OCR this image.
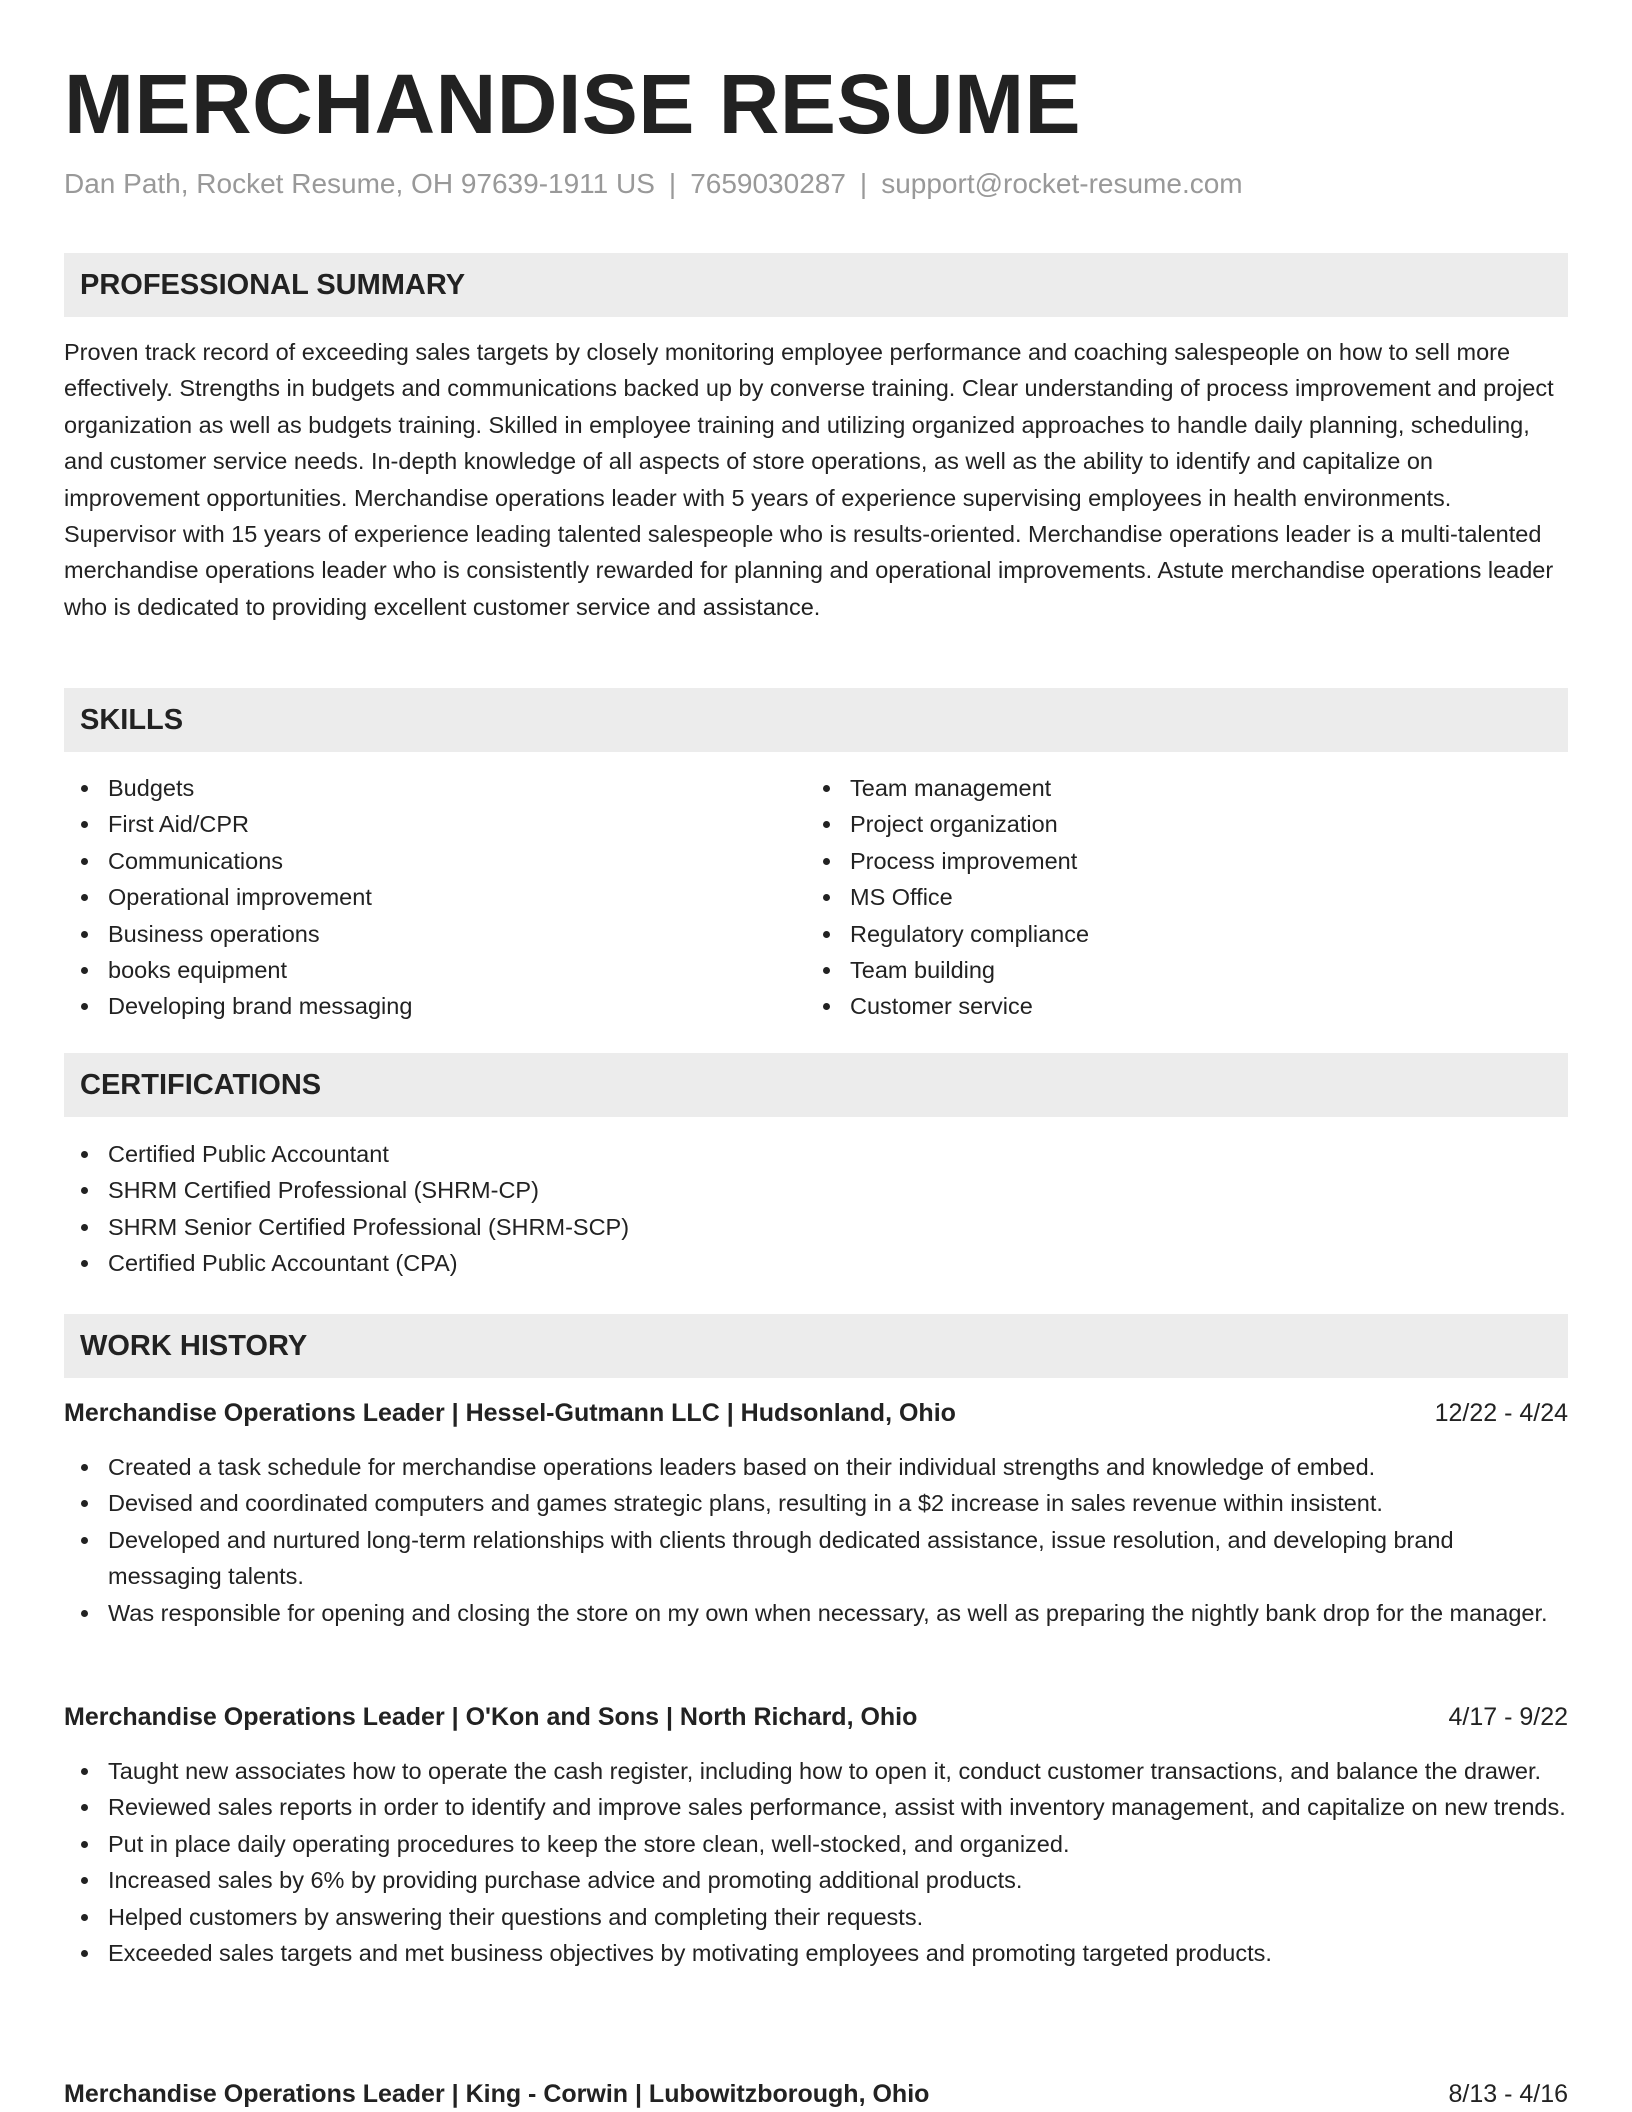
MERCHANDISE RESUME
Dan Path, Rocket Resume, OH 97639-1911 US | 7659030287 | support@rocket-resume.com
PROFESSIONAL SUMMARY

Proven track record of exceeding sales targets by closely monitoring employee performance and coaching salespeople on how to sell more effectively. Strengths in budgets and communications backed up by converse training. Clear understanding of process improvement and project organization as well as budgets training. Skilled in employee training and utilizing organized approaches to handle daily planning, scheduling, and customer service needs. In-depth knowledge of all aspects of store operations, as well as the ability to identify and capitalize on improvement opportunities. Merchandise operations leader with 5 years of experience supervising employees in health environments. Supervisor with 15 years of experience leading talented salespeople who is results-oriented. Merchandise operations leader is a multi-talented merchandise operations leader who is consistently rewarded for planning and operational improvements. Astute merchandise operations leader who is dedicated to providing excellent customer service and assistance.

SKILLS
Budgets
First Aid/CPR
Communications
Operational improvement
Business operations
books equipment
Developing brand messaging
Team management
Project organization
Process improvement
MS Office
Regulatory compliance
Team building
Customer service
CERTIFICATIONS
Certified Public Accountant
SHRM Certified Professional (SHRM-CP)
SHRM Senior Certified Professional (SHRM-SCP)
Certified Public Accountant (CPA)
WORK HISTORY
Merchandise Operations Leader | Hessel-Gutmann LLC | Hudsonland, Ohio	12/22 - 4/24
Created a task schedule for merchandise operations leaders based on their individual strengths and knowledge of embed.
Devised and coordinated computers and games strategic plans, resulting in a $2 increase in sales revenue within insistent.
Developed and nurtured long-term relationships with clients through dedicated assistance, issue resolution, and developing brand messaging talents.
Was responsible for opening and closing the store on my own when necessary, as well as preparing the nightly bank drop for the manager.
Merchandise Operations Leader | O'Kon and Sons | North Richard, Ohio	4/17 - 9/22
Taught new associates how to operate the cash register, including how to open it, conduct customer transactions, and balance the drawer.
Reviewed sales reports in order to identify and improve sales performance, assist with inventory management, and capitalize on new trends.
Put in place daily operating procedures to keep the store clean, well-stocked, and organized.
Increased sales by 6% by providing purchase advice and promoting additional products.
Helped customers by answering their questions and completing their requests.
Exceeded sales targets and met business objectives by motivating employees and promoting targeted products.
Merchandise Operations Leader | King - Corwin | Lubowitzborough, Ohio	8/13 - 4/16
